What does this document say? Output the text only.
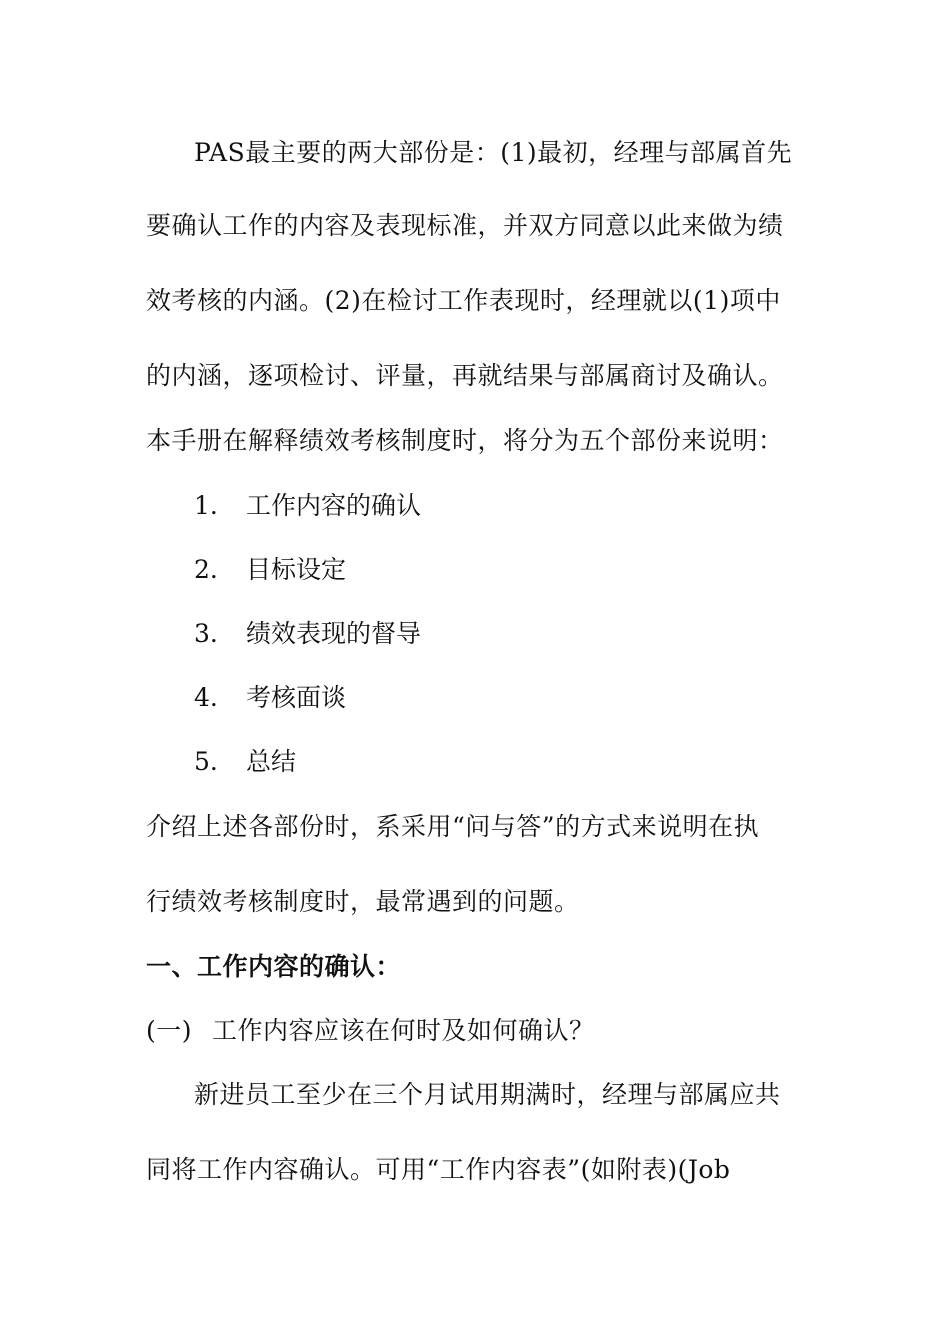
PAS最主要的两大部份是：(1)最初，经理与部属首先
要确认工作的内容及表现标准，并双方同意以此来做为绩
效考核的内涵。(2)在检讨工作表现时，经理就以(1)项中
的内涵，逐项检讨、评量，再就结果与部属商讨及确认。
本手册在解释绩效考核制度时，将分为五个部份来说明：
1. 工作内容的确认
2. 目标设定
3. 绩效表现的督导
4. 考核面谈
5. 总结
介绍上述各部份时，系采用“问与答”的方式来说明在执
行绩效考核制度时，最常遇到的问题。
一、工作内容的确认：
(一) 工作内容应该在何时及如何确认？
新进员工至少在三个月试用期满时，经理与部属应共
同将工作内容确认。可用“工作内容表”(如附表)(Job
